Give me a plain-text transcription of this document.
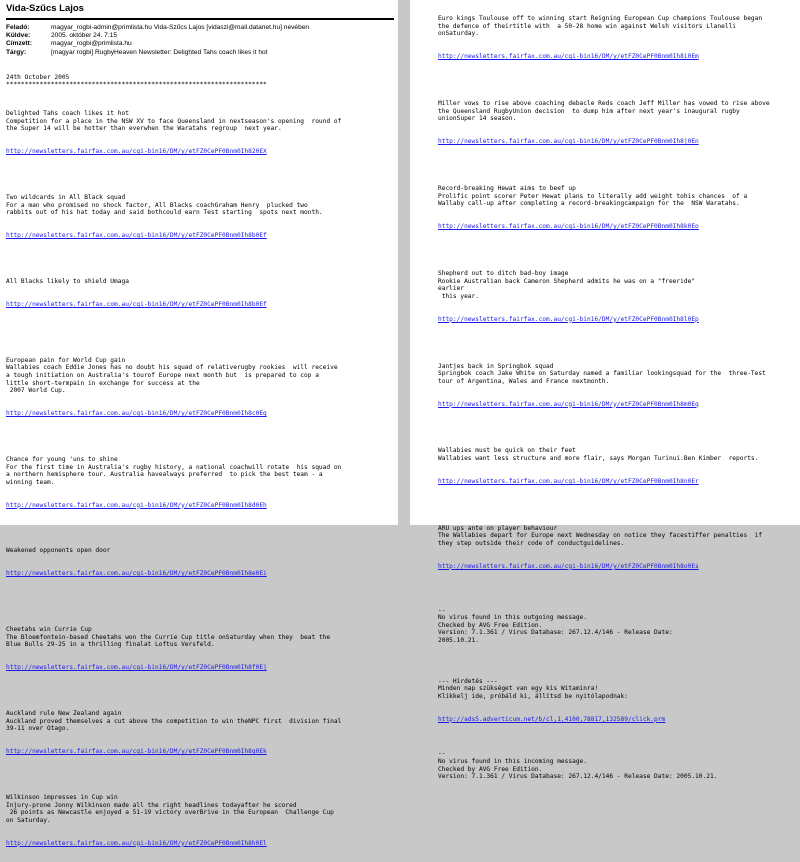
Vida-Szűcs Lajos
Feladó:	magyar_rogbi-admin@primlista.hu Vida-Szűcs Lajos [vidaszi@mail.datanet.hu] nevében
Küldve:	2005. október 24. 7:15
Címzett:	magyar_rogbi@primlista.hu
Tárgy:	[magyar rogbi] RugbyHeaven Newsletter: Delighted Tahs coach likes it hot
24th October 2005
**********************************************************************

Delighted Tahs coach likes it hot
Competition for a place in the NSW XV to face Queensland in nextseason's opening  round of
the Super 14 will be hotter than everwhen the Waratahs regroup  next year.

http://newsletters.fairfax.com.au/cgi-bin16/DM/y/etFZ0CePF0Bnm0Ih820EX

Two wildcards in All Black squad
For a man who promised no shock factor, All Blacks coachGraham Henry  plucked two
rabbits out of his hat today and said bothcould earn Test starting  spots next month.

http://newsletters.fairfax.com.au/cgi-bin16/DM/y/etFZ0CePF0Bnm0Ih8b0Ef

All Blacks likely to shield Umaga

http://newsletters.fairfax.com.au/cgi-bin16/DM/y/etFZ0CePF0Bnm0Ih8b0Ef

European pain for World Cup gain
Wallabies coach Eddie Jones has no doubt his squad of relativerugby rookies  will receive
a tough initiation on Australia's tourof Europe next month but  is prepared to cop a
little short-termpain in exchange for success at the
2007 World Cup.

http://newsletters.fairfax.com.au/cgi-bin16/DM/y/etFZ0CePF0Bnm0Ih8c0Eg

Chance for young 'uns to shine
For the first time in Australia's rugby history, a national coachwill rotate  his squad on
a northern hemisphere tour. Australia havealways preferred  to pick the best team - a
winning team.

http://newsletters.fairfax.com.au/cgi-bin16/DM/y/etFZ0CePF0Bnm0Ih8d0Eh

Weakened opponents open door

http://newsletters.fairfax.com.au/cgi-bin16/DM/y/etFZ0CePF0Bnm0Ih8e0Ei

Cheetahs win Currie Cup
The Bloemfontein-based Cheetahs won the Currie Cup title onSaturday when they  beat the
Blue Bulls 29-25 in a thrilling finalat Loftus Versfeld.

http://newsletters.fairfax.com.au/cgi-bin16/DM/y/etFZ0CePF0Bnm0Ih8f0Ej

Auckland rule New Zealand again
Auckland proved themselves a cut above the competition to win theNPC first  division final
39-11 over Otago.

http://newsletters.fairfax.com.au/cgi-bin16/DM/y/etFZ0CePF0Bnm0Ih8g0Ek

Wilkinson impresses in Cup win
Injury-prone Jonny Wilkinson made all the right headlines todayafter he scored
26 points as Newcastle enjoyed a 51-19 victory overBrive in the European  Challenge Cup
on Saturday.

http://newsletters.fairfax.com.au/cgi-bin16/DM/y/etFZ0CePF0Bnm0Ih8h0El

Euro kings Toulouse off to winning start Reigning European Cup champions Toulouse began
the defence of theirtitle with  a 50-28 home win against Welsh visitors Llanelli
onSaturday.

http://newsletters.fairfax.com.au/cgi-bin16/DM/y/etFZ0CePF0Bnm0Ih8i0Em

Miller vows to rise above coaching debacle Reds coach Jeff Miller has vowed to rise above
the Queensland RugbyUnion decision  to dump him after next year's inaugural rugby
unionSuper 14 season.

http://newsletters.fairfax.com.au/cgi-bin16/DM/y/etFZ0CePF0Bnm0Ih8j0En

Record-breaking Hewat aims to beef up
Prolific point scorer Peter Hewat plans to literally add weight tohis chances  of a
Wallaby call-up after completing a record-breakingcampaign for the  NSW Waratahs.

http://newsletters.fairfax.com.au/cgi-bin16/DM/y/etFZ0CePF0Bnm0Ih8k0Eo

Shepherd out to ditch bad-boy image
Rookie Australian back Cameron Shepherd admits he was on a "freeride"
earlier
this year.

http://newsletters.fairfax.com.au/cgi-bin16/DM/y/etFZ0CePF0Bnm0Ih8l0Ep

Jantjes back in Springbok squad
Springbok coach Jake White on Saturday named a familiar lookingsquad for the  three-Test
tour of Argentina, Wales and France nextmonth.

http://newsletters.fairfax.com.au/cgi-bin16/DM/y/etFZ0CePF0Bnm0Ih8m0Eq

Wallabies must be quick on their feet
Wallabies want less structure and more flair, says Morgan Turinui.Ben Kimber  reports.

http://newsletters.fairfax.com.au/cgi-bin16/DM/y/etFZ0CePF0Bnm0Ih8n0Er

ARU ups ante on player behaviour
The Wallabies depart for Europe next Wednesday on notice they facestiffer penalties  if
they step outside their code of conductguidelines.

http://newsletters.fairfax.com.au/cgi-bin16/DM/y/etFZ0CePF0Bnm0Ih8o0Es

--
No virus found in this outgoing message.
Checked by AVG Free Edition.
Version: 7.1.361 / Virus Database: 267.12.4/146 - Release Date:
2005.10.21.

--- Hirdetés ---
Minden nap szükséget van egy kis Witaminra!
Klikkelj ide, próbáld ki, állítsd be nyitólapodnak:

http://ads5.adverticum.net/b/cl,1,4100,78817,132589/click.prm

--
No virus found in this incoming message.
Checked by AVG Free Edition.
Version: 7.1.361 / Virus Database: 267.12.4/146 - Release Date: 2005.10.21.
